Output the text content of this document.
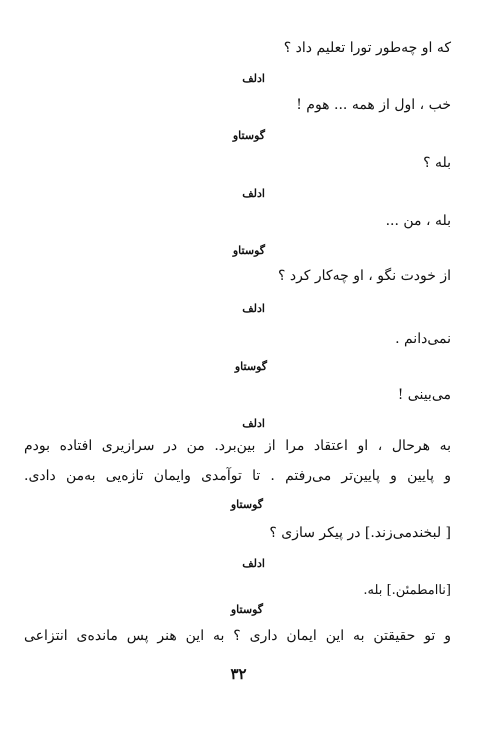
که او چه‌طور تورا تعلیم داد ؟
ادلف
خب ، اول از همه ... هوم !
گوستاو
بله ؟
ادلف
بله ، من ...
گوستاو
از خودت نگو ، او چه‌کار کرد ؟
ادلف
نمی‌دانم .
گوستاو
می‌بینی !
ادلف
به هرحال ، او اعتقاد مرا از بین‌برد. من در سرازیری افتاده بودم
و پایین و پایین‌تر می‌رفتم . تا توآمدی وایمان تازه‌یی به‌من دادی.
گوستاو
[ لبخندمی‌زند.] در پیکر سازی ؟
ادلف
[ناامطمئن.] بله.
گوستاو
و تو حقیقتن به این ایمان داری ؟ به این هنر پس مانده‌ی انتزاعی
۳۲
